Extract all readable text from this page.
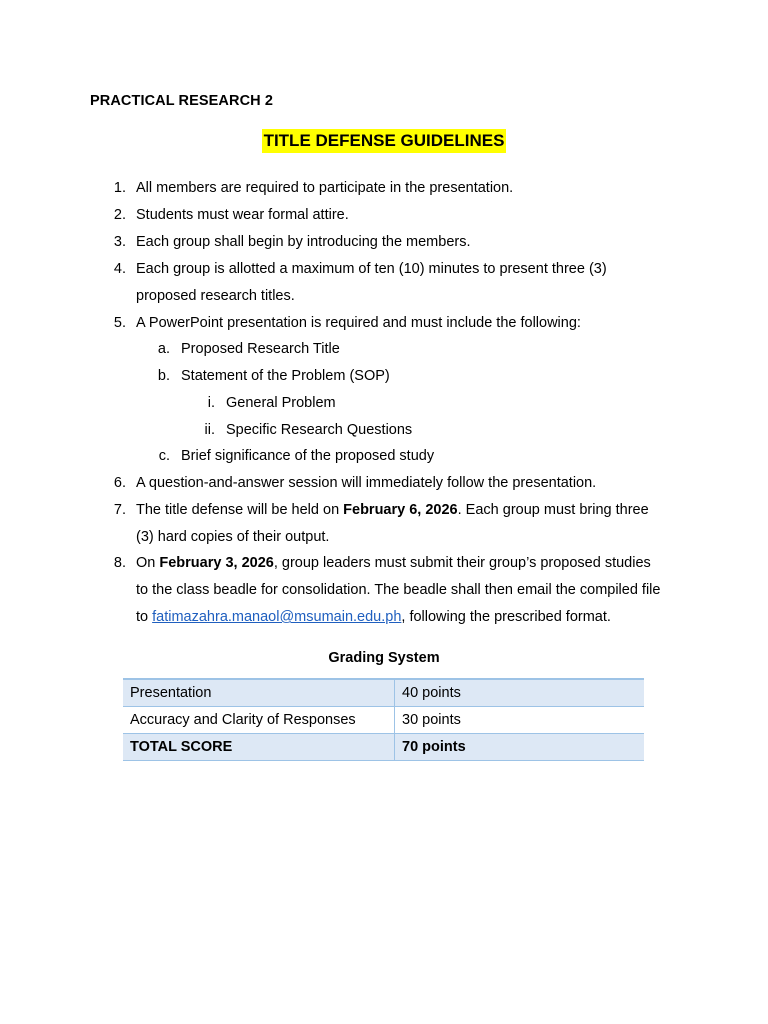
PRACTICAL RESEARCH 2
TITLE DEFENSE GUIDELINES
1. All members are required to participate in the presentation.
2. Students must wear formal attire.
3. Each group shall begin by introducing the members.
4. Each group is allotted a maximum of ten (10) minutes to present three (3)
proposed research titles.
5. A PowerPoint presentation is required and must include the following:
a. Proposed Research Title
b. Statement of the Problem (SOP)
i. General Problem
ii. Specific Research Questions
c. Brief significance of the proposed study
6. A question-and-answer session will immediately follow the presentation.
7. The title defense will be held on February 6, 2026. Each group must bring three
(3) hard copies of their output.
8. On February 3, 2026, group leaders must submit their group’s proposed studies
to the class beadle for consolidation. The beadle shall then email the compiled file
to fatimazahra.manaol@msumain.edu.ph, following the prescribed format.
Grading System
Presentation	40 points
Accuracy and Clarity of Responses	30 points
TOTAL SCORE	70 points
